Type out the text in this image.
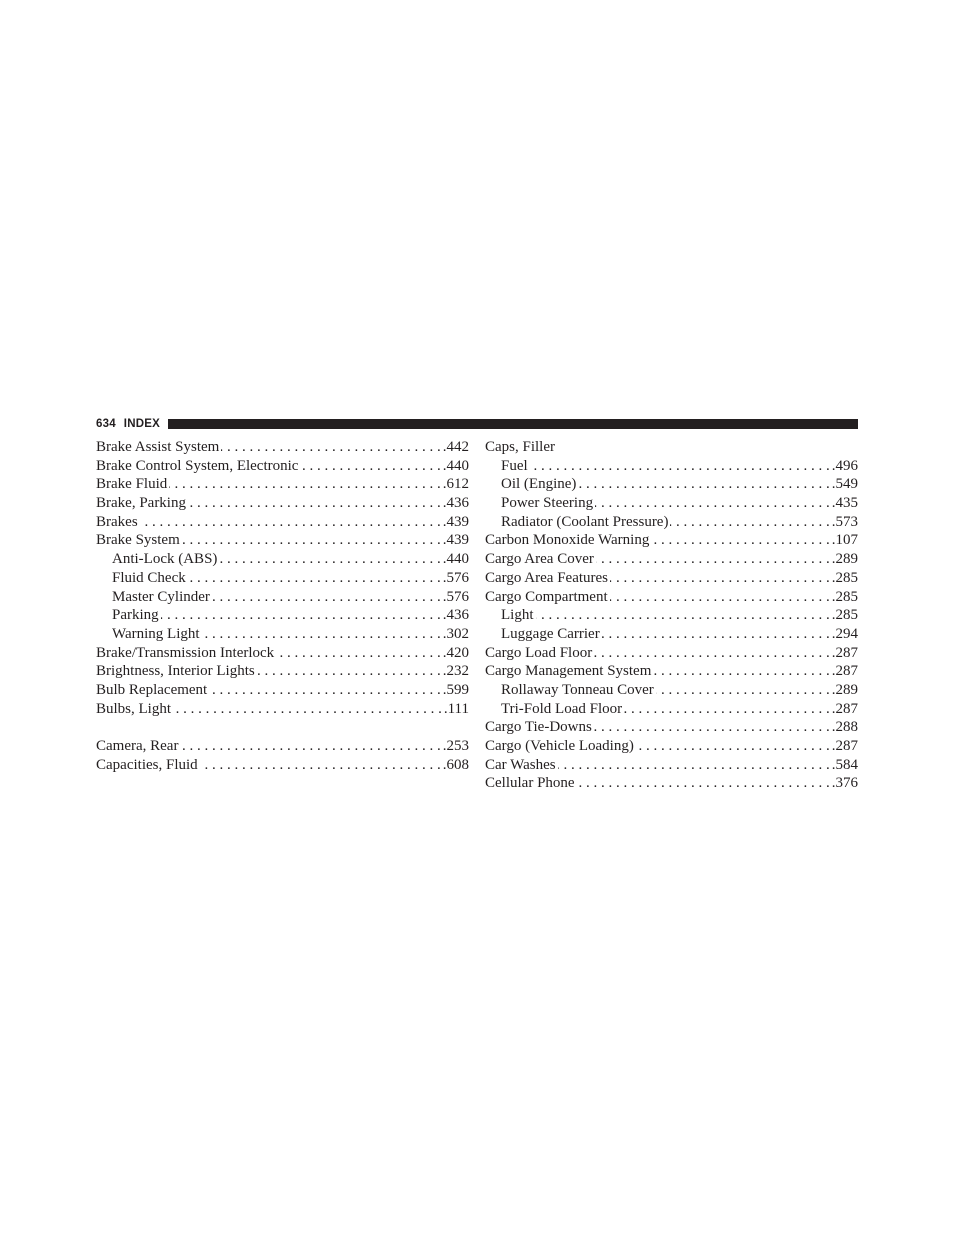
634 INDEX
Brake Assist System . . .	.442
Brake Control System, Electronic . . .	.440
Brake Fluid . . .	.612
Brake, Parking . . .	.436
Brakes . . .	.439
Brake System . . .	.439
Anti-Lock (ABS) . . .	.440
Fluid Check . . .	.576
Master Cylinder . . .	.576
Parking . . .	.436
Warning Light . . .	.302
Brake/Transmission Interlock . . .	.420
Brightness, Interior Lights . . .	.232
Bulb Replacement . . .	.599
Bulbs, Light . . .	.111
Camera, Rear . . .	.253
Capacities, Fluid . . .	.608
Caps, Filler
Fuel . . .	.496
Oil (Engine) . . .	.549
Power Steering . . .	.435
Radiator (Coolant Pressure) . . .	.573
Carbon Monoxide Warning . . .	.107
Cargo Area Cover . . .	.289
Cargo Area Features . . .	.285
Cargo Compartment . . .	.285
Light . . .	.285
Luggage Carrier . . .	.294
Cargo Load Floor . . .	.287
Cargo Management System . . .	.287
Rollaway Tonneau Cover . . .	.289
Tri-Fold Load Floor . . .	.287
Cargo Tie-Downs . . .	.288
Cargo (Vehicle Loading) . . .	.287
Car Washes . . .	.584
Cellular Phone . . .	.376
